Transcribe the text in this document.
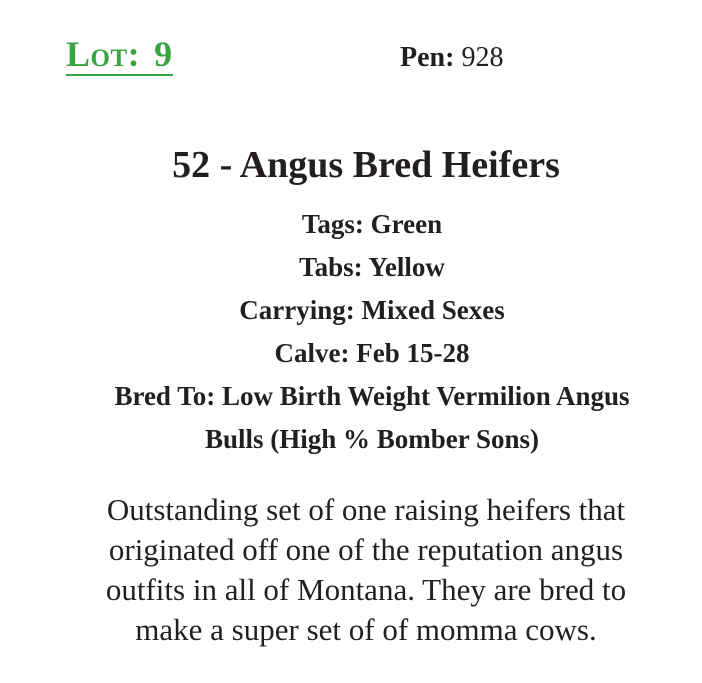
Lot: 9	Pen: 928
52 - Angus Bred Heifers
Tags: Green
Tabs: Yellow
Carrying: Mixed Sexes
Calve: Feb 15-28
Bred To: Low Birth Weight Vermilion Angus
Bulls (High % Bomber Sons)
Outstanding set of one raising heifers that
originated off one of the reputation angus
outfits in all of Montana. They are bred to
make a super set of of momma cows.
